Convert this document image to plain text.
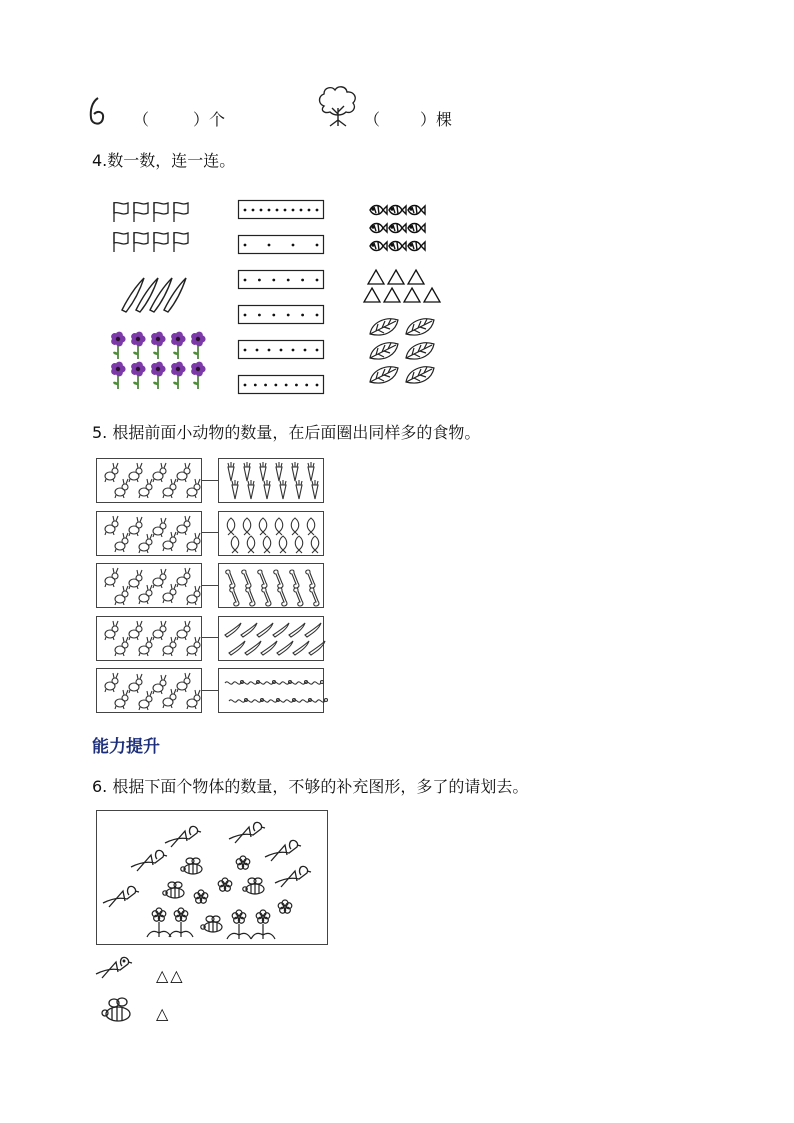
（	）个	（	）棵
4.数一数，连一连。
5. 根据前面小动物的数量，在后面圈出同样多的食物。
能力提升
6. 根据下面个物体的数量，不够的补充图形，多了的请划去。
△△
△
